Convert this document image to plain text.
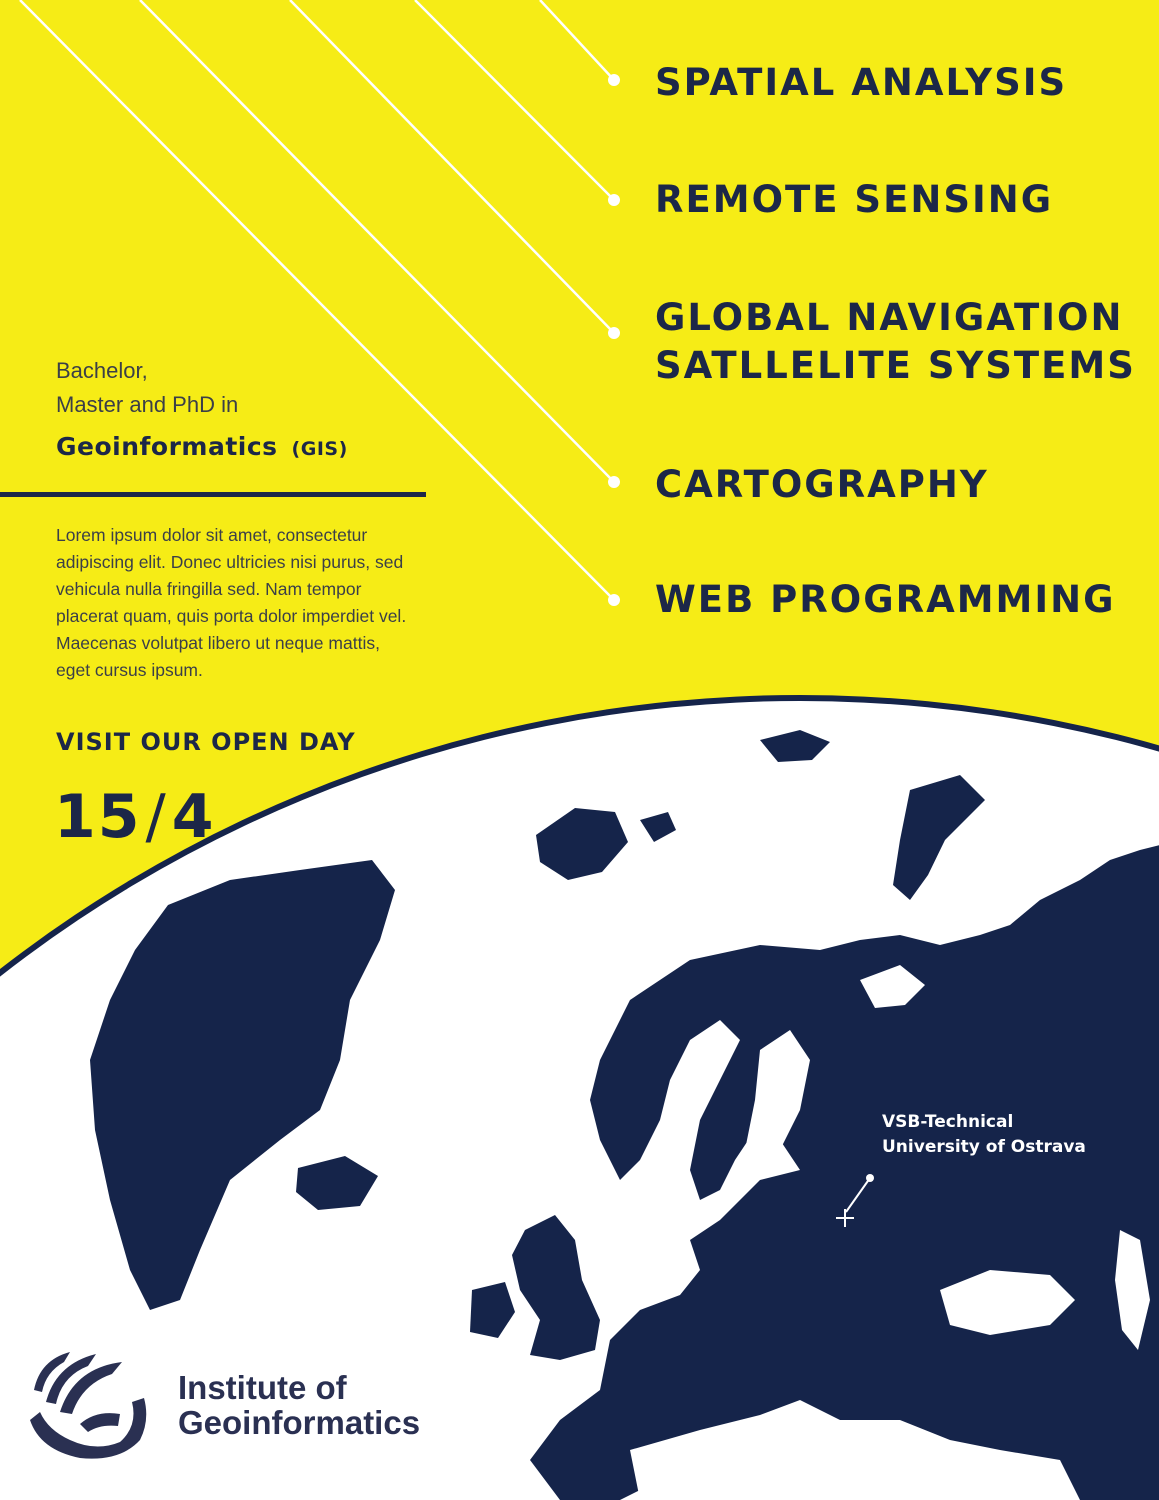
SPATIAL ANALYSIS
REMOTE SENSING
GLOBAL NAVIGATION
SATLLELITE SYSTEMS
CARTOGRAPHY
WEB PROGRAMMING
Bachelor,
Master and PhD in
Geoinformatics (GIS)
Lorem ipsum dolor sit amet, consectetur adipiscing elit. Donec ultricies nisi purus, sed vehicula nulla fringilla sed. Nam tempor placerat quam, quis porta dolor imperdiet vel. Maecenas volutpat libero ut neque mattis, eget cursus ipsum.
VISIT OUR OPEN DAY
15/4
VSB-Technical
University of Ostrava
Institute of
Geoinformatics
